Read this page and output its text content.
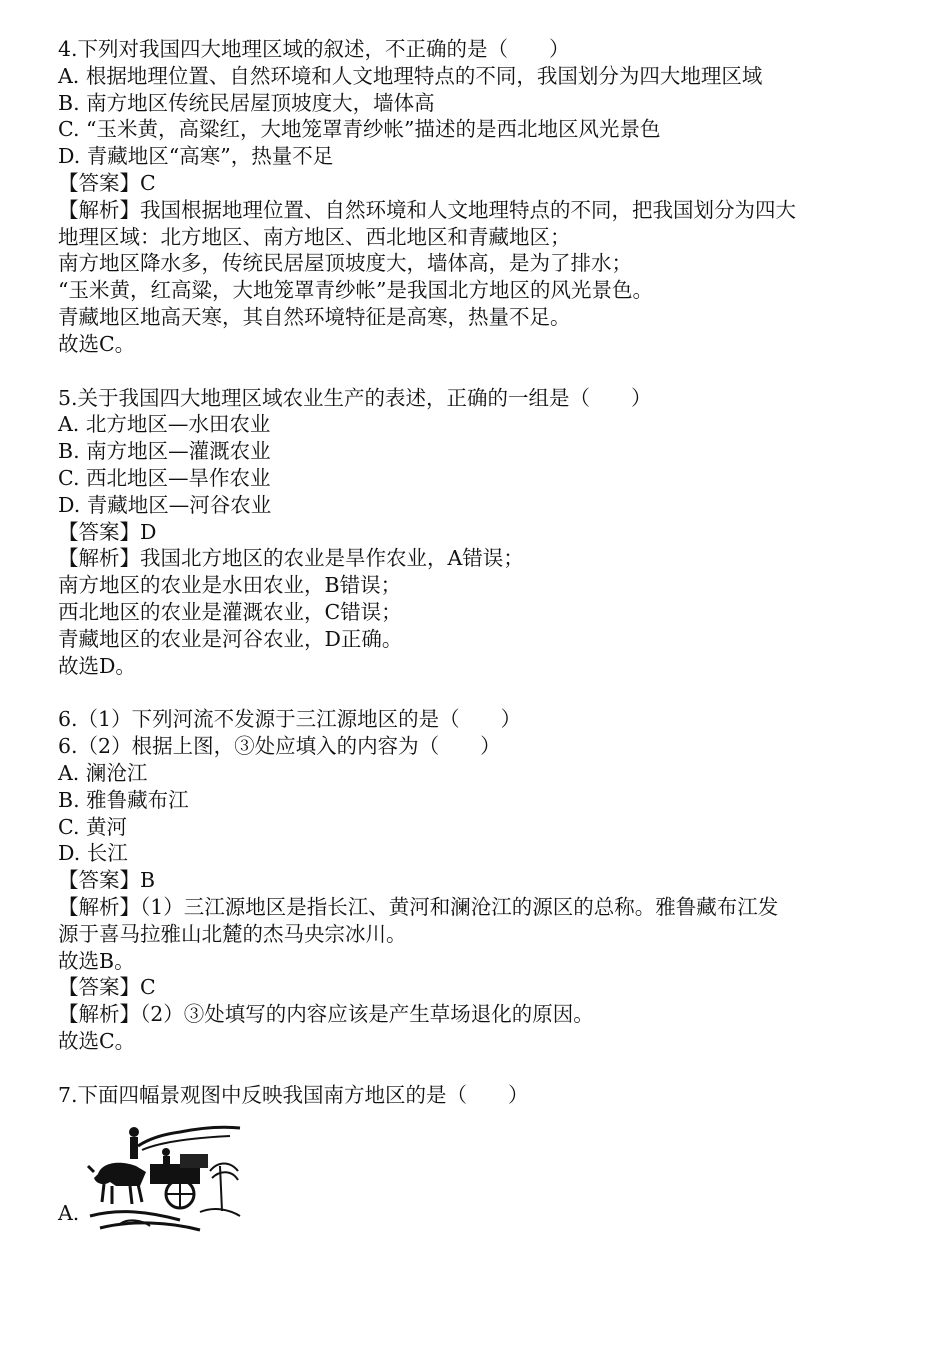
4.下列对我国四大地理区域的叙述，不正确的是（　　）
A. 根据地理位置、自然环境和人文地理特点的不同，我国划分为四大地理区域
B. 南方地区传统民居屋顶坡度大，墙体高
C. “玉米黄，高粱红，大地笼罩青纱帐”描述的是西北地区风光景色
D. 青藏地区“高寒”，热量不足
【答案】C
【解析】我国根据地理位置、自然环境和人文地理特点的不同，把我国划分为四大
地理区域：北方地区、南方地区、西北地区和青藏地区；
南方地区降水多，传统民居屋顶坡度大，墙体高，是为了排水；
“玉米黄，红高粱，大地笼罩青纱帐”是我国北方地区的风光景色。
青藏地区地高天寒，其自然环境特征是高寒，热量不足。
故选C。
5.关于我国四大地理区域农业生产的表述，正确的一组是（　　）
A. 北方地区—水田农业
B. 南方地区—灌溉农业
C. 西北地区—旱作农业
D. 青藏地区—河谷农业
【答案】D
【解析】我国北方地区的农业是旱作农业，A错误；
南方地区的农业是水田农业，B错误；
西北地区的农业是灌溉农业，C错误；
青藏地区的农业是河谷农业，D正确。
故选D。
6.（1）下列河流不发源于三江源地区的是（　　）
6.（2）根据上图，③处应填入的内容为（　　）
A. 澜沧江
B. 雅鲁藏布江
C. 黄河
D. 长江
【答案】B
【解析】（1）三江源地区是指长江、黄河和澜沧江的源区的总称。雅鲁藏布江发
源于喜马拉雅山北麓的杰马央宗冰川。
故选B。
【答案】C
【解析】（2）③处填写的内容应该是产生草场退化的原因。
故选C。
7.下面四幅景观图中反映我国南方地区的是（　　）
A.
